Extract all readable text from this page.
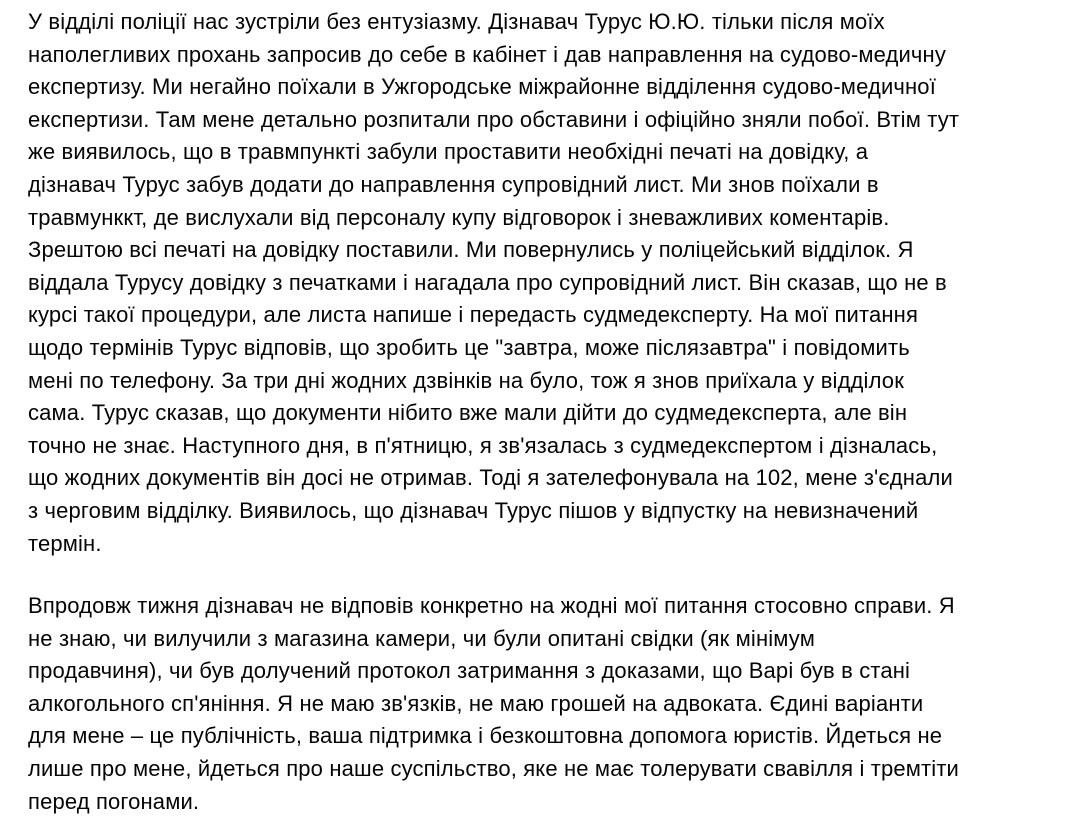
У відділі поліції нас зустріли без ентузіазму. Дізнавач Турус Ю.Ю. тільки після моїх
наполегливих прохань запросив до себе в кабінет і дав направлення на судово-медичну
експертизу. Ми негайно поїхали в Ужгородське міжрайонне відділення судово-медичної
експертизи. Там мене детально розпитали про обставини і офіційно зняли побої. Втім тут
же виявилось, що в травмпункті забули проставити необхідні печаті на довідку, а
дізнавач Турус забув додати до направлення супровідний лист. Ми знов поїхали в
травмунккт, де вислухали від персоналу купу відговорок і зневажливих коментарів.
Зрештою всі печаті на довідку поставили. Ми повернулись у поліцейський відділок. Я
віддала Турусу довідку з печатками і нагадала про супровідний лист. Він сказав, що не в
курсі такої процедури, але листа напише і передасть судмедексперту. На мої питання
щодо термінів Турус відповів, що зробить це "завтра, може післязавтра" і повідомить
мені по телефону. За три дні жодних дзвінків на було, тож я знов приїхала у відділок
сама. Турус сказав, що документи нібито вже мали дійти до судмедексперта, але він
точно не знає. Наступного дня, в п'ятницю, я зв'язалась з судмедекспертом і дізналась,
що жодних документів він досі не отримав. Тоді я зателефонувала на 102, мене з'єднали
з черговим відділку. Виявилось, що дізнавач Турус пішов у відпустку на невизначений
термін.
Впродовж тижня дізнавач не відповів конкретно на жодні мої питання стосовно справи. Я
не знаю, чи вилучили з магазина камери, чи були опитані свідки (як мінімум
продавчиня), чи був долучений протокол затримання з доказами, що Варі був в стані
алкогольного сп'яніння. Я не маю зв'язків, не маю грошей на адвоката. Єдині варіанти
для мене – це публічність, ваша підтримка і безкоштовна допомога юристів. Йдеться не
лише про мене, йдеться про наше суспільство, яке не має толерувати свавілля і тремтіти
перед погонами.
